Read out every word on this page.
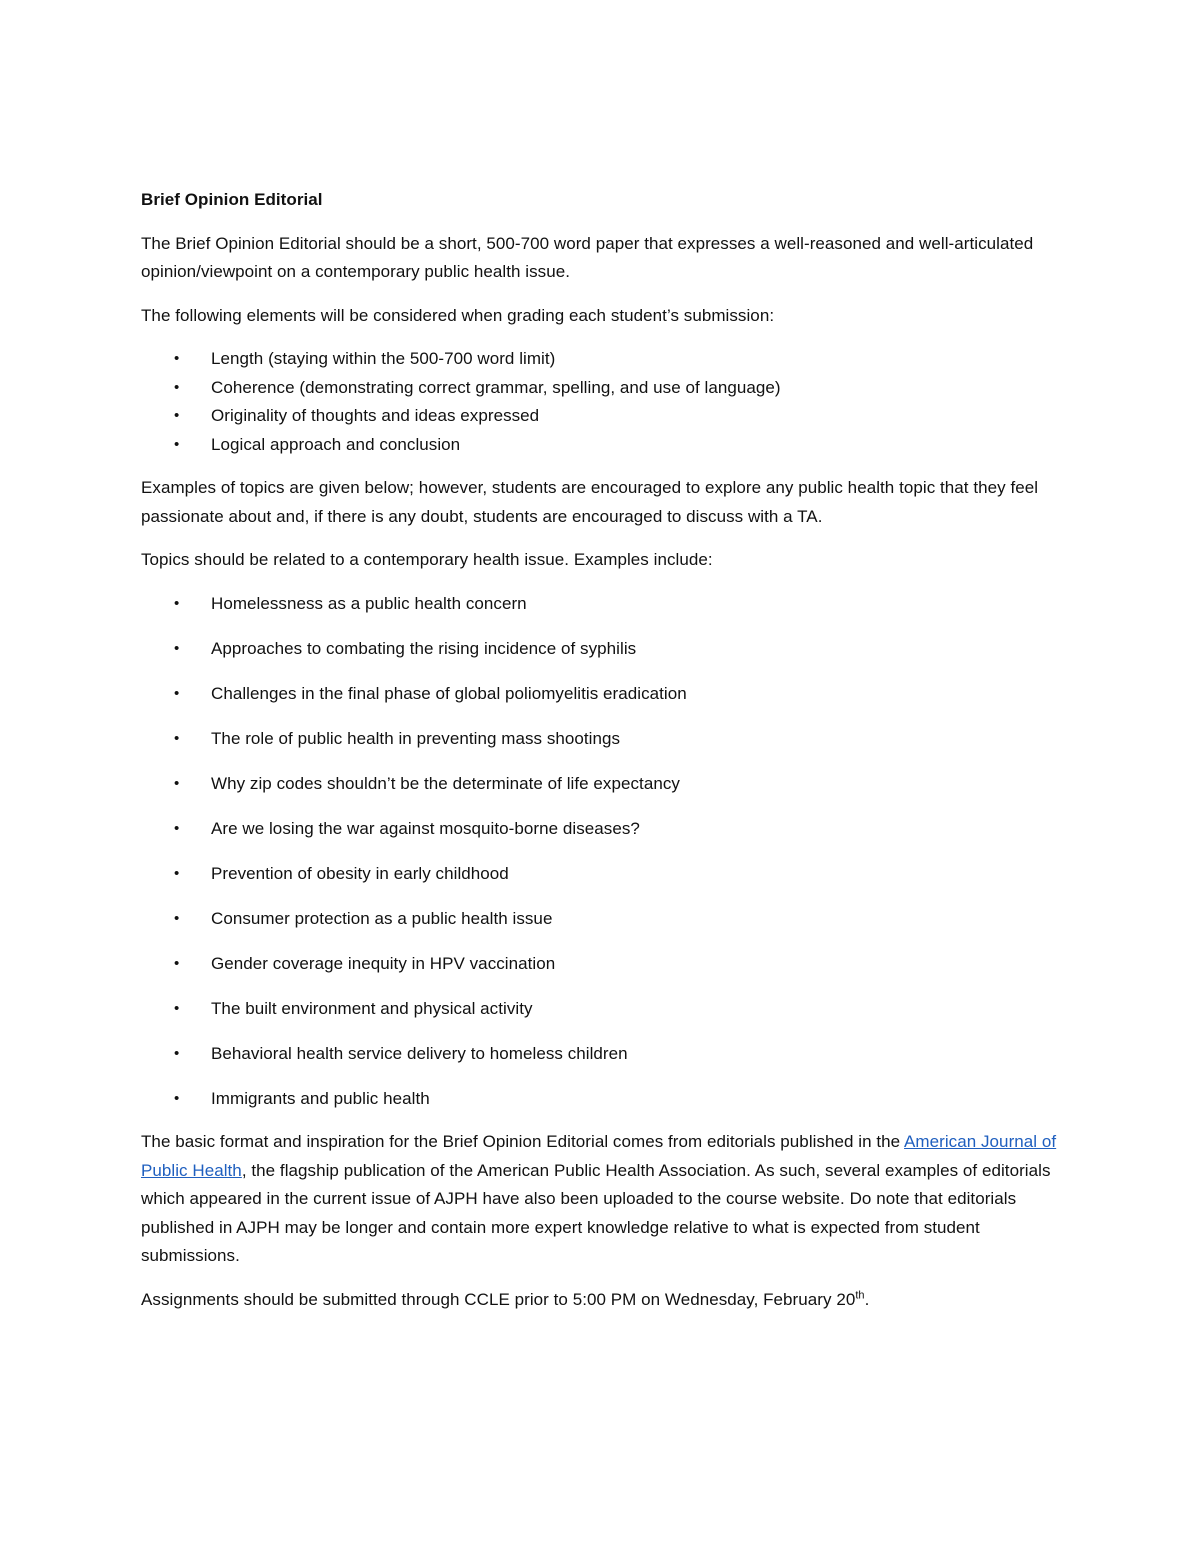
Brief Opinion Editorial

The Brief Opinion Editorial should be a short, 500-700 word paper that expresses a well-reasoned and well-articulated opinion/viewpoint on a contemporary public health issue.

The following elements will be considered when grading each student’s submission:

• Length (staying within the 500-700 word limit)
• Coherence (demonstrating correct grammar, spelling, and use of language)
• Originality of thoughts and ideas expressed
• Logical approach and conclusion

Examples of topics are given below; however, students are encouraged to explore any public health topic that they feel passionate about and, if there is any doubt, students are encouraged to discuss with a TA.

Topics should be related to a contemporary health issue. Examples include:

• Homelessness as a public health concern
• Approaches to combating the rising incidence of syphilis
• Challenges in the final phase of global poliomyelitis eradication
• The role of public health in preventing mass shootings
• Why zip codes shouldn’t be the determinate of life expectancy
• Are we losing the war against mosquito-borne diseases?
• Prevention of obesity in early childhood
• Consumer protection as a public health issue
• Gender coverage inequity in HPV vaccination
• The built environment and physical activity
• Behavioral health service delivery to homeless children
• Immigrants and public health

The basic format and inspiration for the Brief Opinion Editorial comes from editorials published in the American Journal of Public Health, the flagship publication of the American Public Health Association. As such, several examples of editorials which appeared in the current issue of AJPH have also been uploaded to the course website. Do note that editorials published in AJPH may be longer and contain more expert knowledge relative to what is expected from student submissions.

Assignments should be submitted through CCLE prior to 5:00 PM on Wednesday, February 20th.
